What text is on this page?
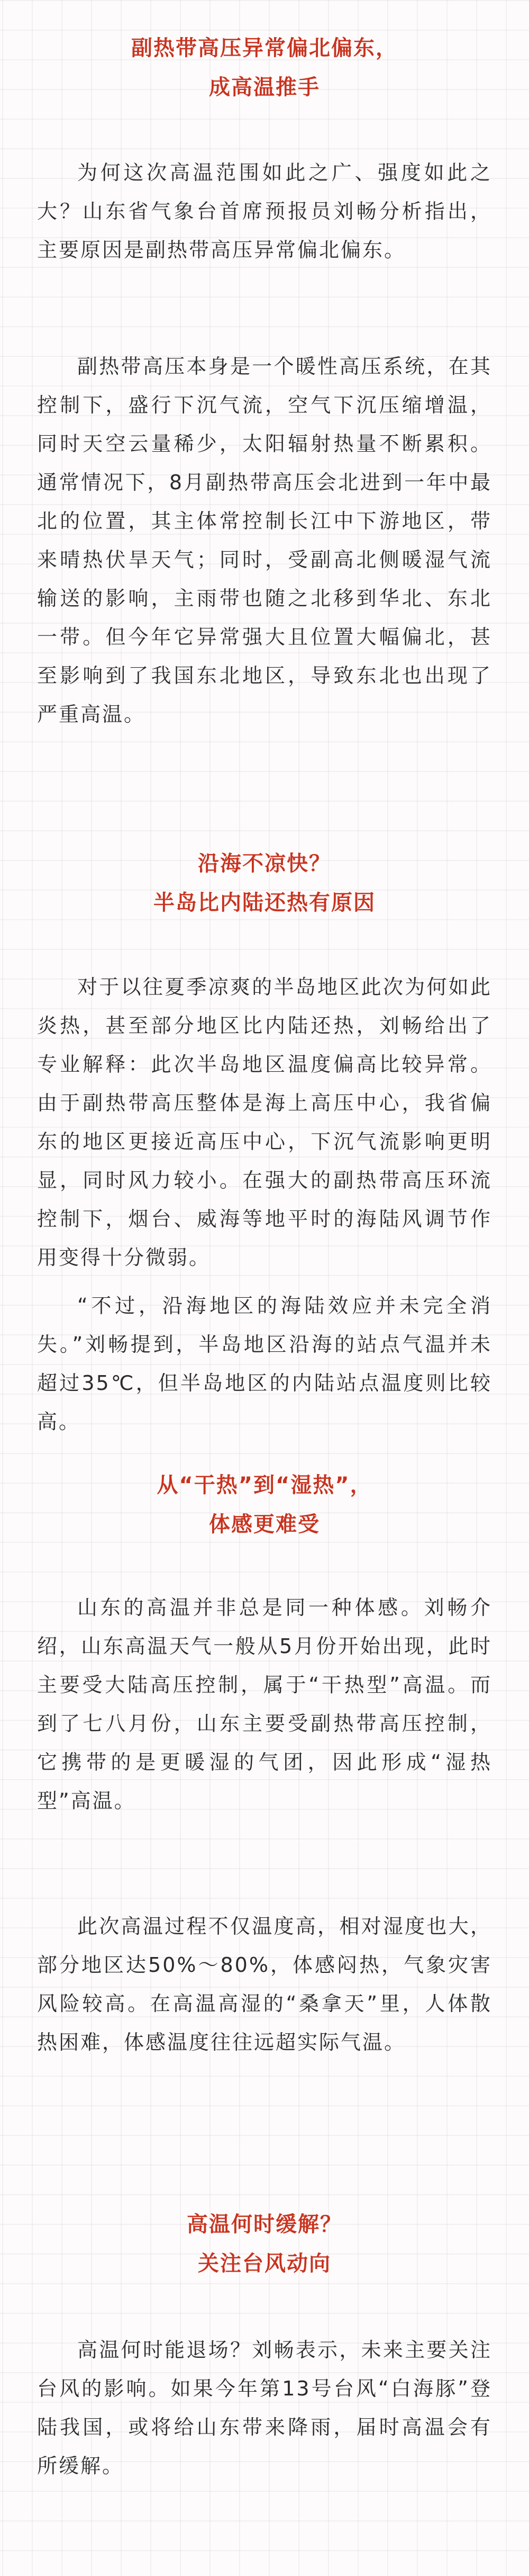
副热带高压异常偏北偏东，
成高温推手

为何这次高温范围如此之广、强度如此之大？山东省气象台首席预报员刘畅分析指出，主要原因是副热带高压异常偏北偏东。

副热带高压本身是一个暖性高压系统，在其控制下，盛行下沉气流，空气下沉压缩增温，同时天空云量稀少，太阳辐射热量不断累积。通常情况下，8月副热带高压会北进到一年中最北的位置，其主体常控制长江中下游地区，带来晴热伏旱天气；同时，受副高北侧暖湿气流输送的影响，主雨带也随之北移到华北、东北一带。但今年它异常强大且位置大幅偏北，甚至影响到了我国东北地区，导致东北也出现了严重高温。

沿海不凉快？
半岛比内陆还热有原因

对于以往夏季凉爽的半岛地区此次为何如此炎热，甚至部分地区比内陆还热，刘畅给出了专业解释：此次半岛地区温度偏高比较异常。由于副热带高压整体是海上高压中心，我省偏东的地区更接近高压中心，下沉气流影响更明显，同时风力较小。在强大的副热带高压环流控制下，烟台、威海等地平时的海陆风调节作用变得十分微弱。

“不过，沿海地区的海陆效应并未完全消失。”刘畅提到，半岛地区沿海的站点气温并未超过35℃，但半岛地区的内陆站点温度则比较高。

从“干热”到“湿热”，
体感更难受

山东的高温并非总是同一种体感。刘畅介绍，山东高温天气一般从5月份开始出现，此时主要受大陆高压控制，属于“干热型”高温。而到了七八月份，山东主要受副热带高压控制，它携带的是更暖湿的气团，因此形成“湿热型”高温。

此次高温过程不仅温度高，相对湿度也大，部分地区达50%～80%，体感闷热，气象灾害风险较高。在高温高湿的“桑拿天”里，人体散热困难，体感温度往往远超实际气温。

高温何时缓解？
关注台风动向

高温何时能退场？刘畅表示，未来主要关注台风的影响。如果今年第13号台风“白海豚”登陆我国，或将给山东带来降雨，届时高温会有所缓解。
